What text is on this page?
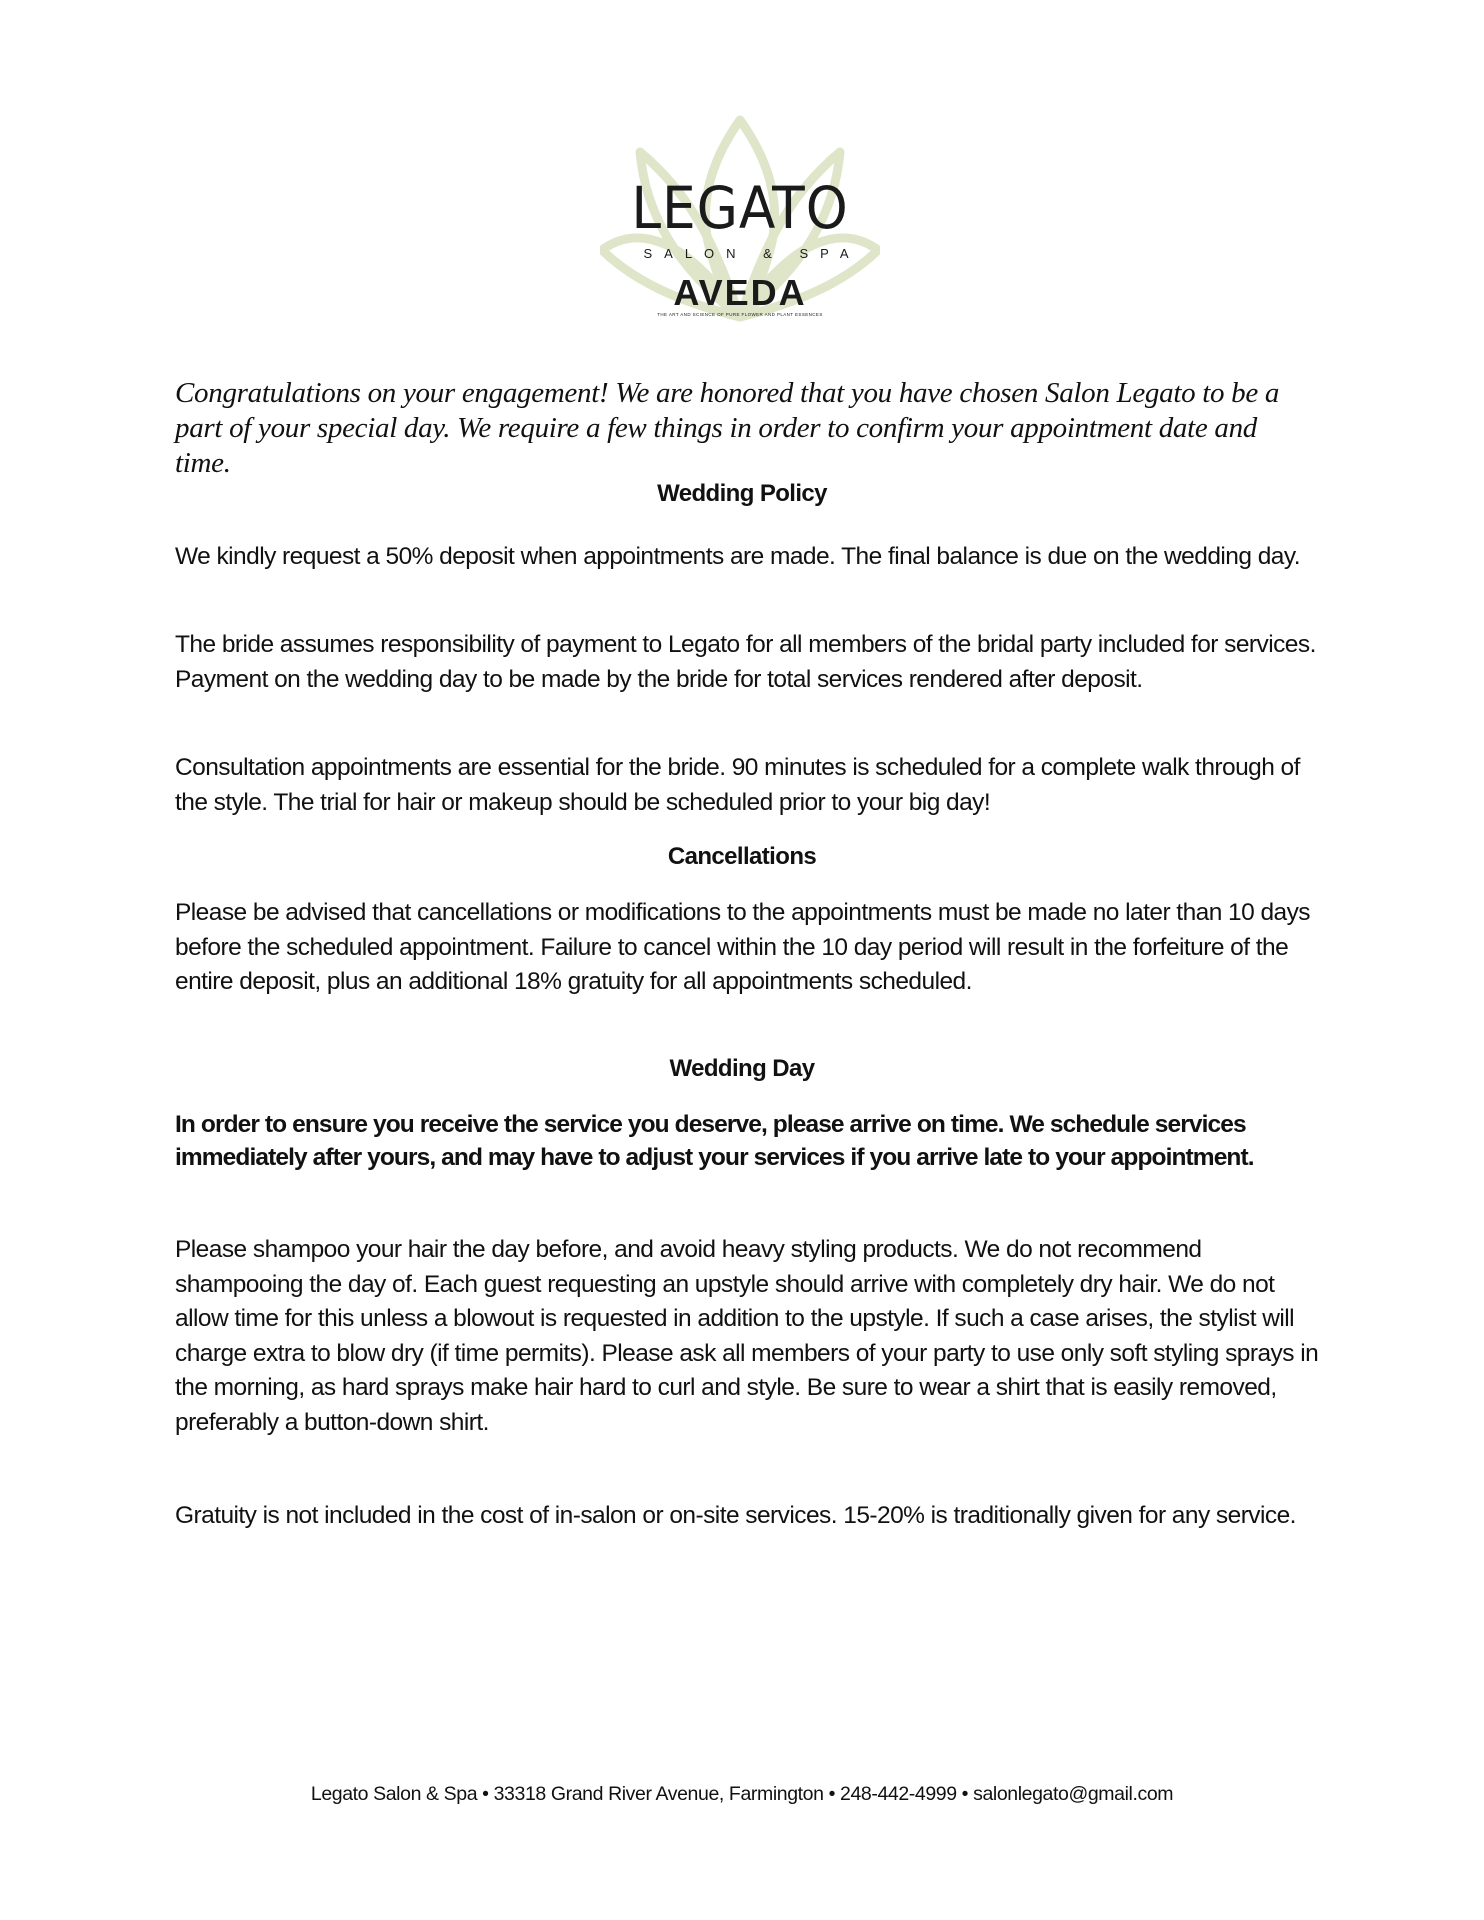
LEGATO
SALON & SPA
AVEDA
THE ART AND SCIENCE OF PURE FLOWER AND PLANT ESSENCES
Congratulations on your engagement! We are honored that you have chosen Salon Legato to be a part of your special day. We require a few things in order to confirm your appointment date and time.
Wedding Policy
We kindly request a 50% deposit when appointments are made. The final balance is due on the wedding day.
The bride assumes responsibility of payment to Legato for all members of the bridal party included for services. Payment on the wedding day to be made by the bride for total services rendered after deposit.
Consultation appointments are essential for the bride. 90 minutes is scheduled for a complete walk through of the style. The trial for hair or makeup should be scheduled prior to your big day!
Cancellations
Please be advised that cancellations or modifications to the appointments must be made no later than 10 days before the scheduled appointment. Failure to cancel within the 10 day period will result in the forfeiture of the entire deposit, plus an additional 18% gratuity for all appointments scheduled.
Wedding Day
In order to ensure you receive the service you deserve, please arrive on time. We schedule services immediately after yours, and may have to adjust your services if you arrive late to your appointment.
Please shampoo your hair the day before, and avoid heavy styling products. We do not recommend shampooing the day of. Each guest requesting an upstyle should arrive with completely dry hair. We do not allow time for this unless a blowout is requested in addition to the upstyle. If such a case arises, the stylist will charge extra to blow dry (if time permits). Please ask all members of your party to use only soft styling sprays in the morning, as hard sprays make hair hard to curl and style. Be sure to wear a shirt that is easily removed, preferably a button-down shirt.
Gratuity is not included in the cost of in-salon or on-site services. 15-20% is traditionally given for any service.
Legato Salon & Spa • 33318 Grand River Avenue, Farmington • 248-442-4999 • salonlegato@gmail.com
